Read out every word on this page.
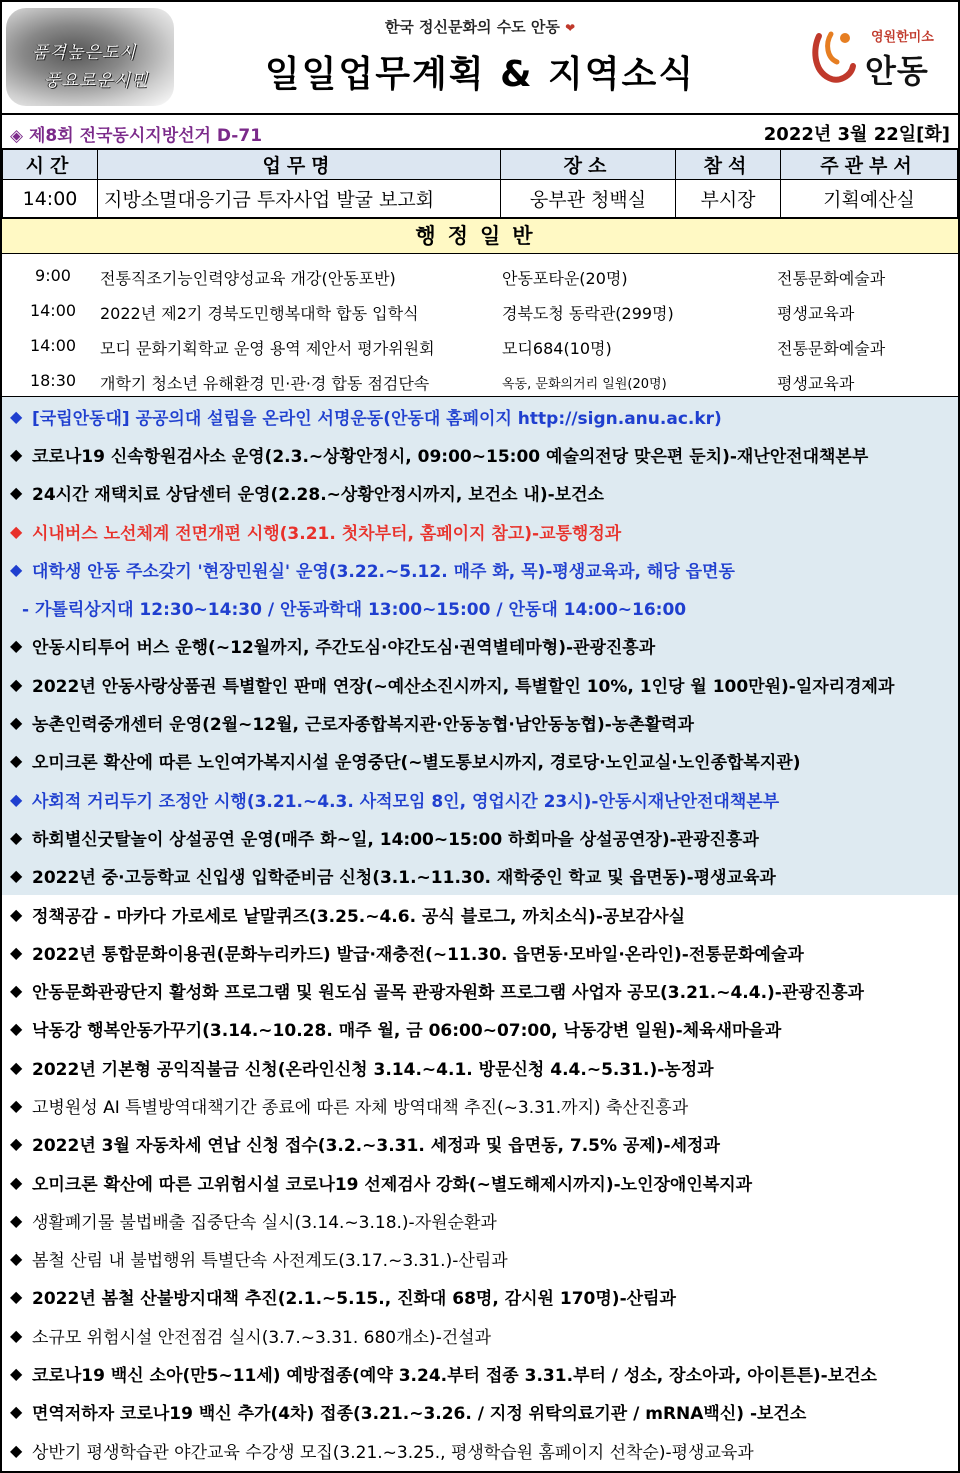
품격높은도시
풍요로운시민
한국 정신문화의 수도 안동 ❤
일일업무계획 & 지역소식
영원한미소
안동
◈ 제8회 전국동시지방선거 D-71	2022년 3월 22일[화]
시간	업무명	장소	참석	주관부서
14:00	지방소멸대응기금 투자사업 발굴 보고회	웅부관 청백실	부시장	기획예산실
행정일반
9:00	전통직조기능인력양성교육 개강(안동포반)	안동포타운(20명)	전통문화예술과
14:00 2022년 제2기 경북도민행복대학 합동 입학식	경북도청 동락관(299명)	평생교육과
14:00 모디 문화기획학교 운영 용역 제안서 평가위원회	모디684(10명)	전통문화예술과
18:30 개학기 청소년 유해환경 민·관·경 합동 점검단속	옥동, 문화의거리 일원(20명)	평생교육과
◆ [국립안동대] 공공의대 설립을 온라인 서명운동(안동대 홈페이지 http://sign.anu.ac.kr)
◆ 코로나19 신속항원검사소 운영(2.3.~상황안정시, 09:00~15:00 예술의전당 맞은편 둔치)-재난안전대책본부
◆ 24시간 재택치료 상담센터 운영(2.28.~상황안정시까지, 보건소 내)-보건소
◆ 시내버스 노선체계 전면개편 시행(3.21. 첫차부터, 홈페이지 참고)-교통행정과
◆ 대학생 안동 주소갖기 '현장민원실' 운영(3.22.~5.12. 매주 화, 목)-평생교육과, 해당 읍면동
- 가톨릭상지대 12:30~14:30 / 안동과학대 13:00~15:00 / 안동대 14:00~16:00
◆ 안동시티투어 버스 운행(~12월까지, 주간도심·야간도심·권역별테마형)-관광진흥과
◆ 2022년 안동사랑상품권 특별할인 판매 연장(~예산소진시까지, 특별할인 10%, 1인당 월 100만원)-일자리경제과
◆ 농촌인력중개센터 운영(2월~12월, 근로자종합복지관·안동농협·남안동농협)-농촌활력과
◆ 오미크론 확산에 따른 노인여가복지시설 운영중단(~별도통보시까지, 경로당·노인교실·노인종합복지관)
◆ 사회적 거리두기 조정안 시행(3.21.~4.3. 사적모임 8인, 영업시간 23시)-안동시재난안전대책본부
◆ 하회별신굿탈놀이 상설공연 운영(매주 화~일, 14:00~15:00 하회마을 상설공연장)-관광진흥과
◆ 2022년 중·고등학교 신입생 입학준비금 신청(3.1.~11.30. 재학중인 학교 및 읍면동)-평생교육과
◆ 정책공감 - 마카다 가로세로 낱말퀴즈(3.25.~4.6. 공식 블로그, 까치소식)-공보감사실
◆ 2022년 통합문화이용권(문화누리카드) 발급·재충전(~11.30. 읍면동·모바일·온라인)-전통문화예술과
◆ 안동문화관광단지 활성화 프로그램 및 원도심 골목 관광자원화 프로그램 사업자 공모(3.21.~4.4.)-관광진흥과
◆ 낙동강 행복안동가꾸기(3.14.~10.28. 매주 월, 금 06:00~07:00, 낙동강변 일원)-체육새마을과
◆ 2022년 기본형 공익직불금 신청(온라인신청 3.14.~4.1. 방문신청 4.4.~5.31.)-농정과
◆ 고병원성 AI 특별방역대책기간 종료에 따른 자체 방역대책 추진(~3.31.까지) 축산진흥과
◆ 2022년 3월 자동차세 연납 신청 접수(3.2.~3.31. 세정과 및 읍면동, 7.5% 공제)-세정과
◆ 오미크론 확산에 따른 고위험시설 코로나19 선제검사 강화(~별도해제시까지)-노인장애인복지과
◆ 생활폐기물 불법배출 집중단속 실시(3.14.~3.18.)-자원순환과
◆ 봄철 산림 내 불법행위 특별단속 사전계도(3.17.~3.31.)-산림과
◆ 2022년 봄철 산불방지대책 추진(2.1.~5.15., 진화대 68명, 감시원 170명)-산림과
◆ 소규모 위험시설 안전점검 실시(3.7.~3.31. 680개소)-건설과
◆ 코로나19 백신 소아(만5~11세) 예방접종(예약 3.24.부터 접종 3.31.부터 / 성소, 장소아과, 아이튼튼)-보건소
◆ 면역저하자 코로나19 백신 추가(4차) 접종(3.21.~3.26. / 지정 위탁의료기관 / mRNA백신) -보건소
◆ 상반기 평생학습관 야간교육 수강생 모집(3.21.~3.25., 평생학습원 홈페이지 선착순)-평생교육과
